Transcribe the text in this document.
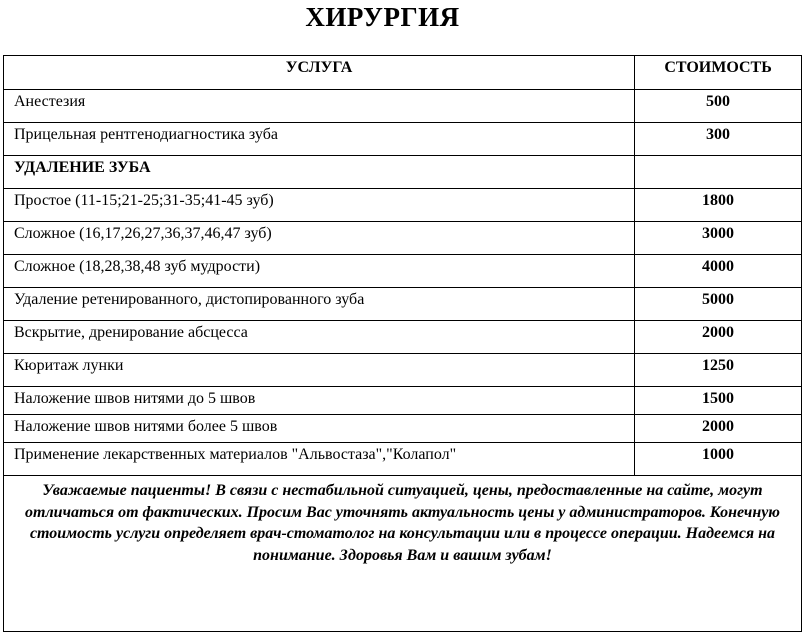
ХИРУРГИЯ
УСЛУГА	СТОИМОСТЬ
Анестезия	500
Прицельная рентгенодиагностика зуба	300
УДАЛЕНИЕ ЗУБА	
Простое (11-15;21-25;31-35;41-45 зуб)	1800
Сложное (16,17,26,27,36,37,46,47 зуб)	3000
Сложное (18,28,38,48 зуб мудрости)	4000
Удаление ретенированного, дистопированного зуба	5000
Вскрытие, дренирование абсцесса	2000
Кюритаж лунки	1250
Наложение швов нитями до 5 швов	1500
Наложение швов нитями более 5 швов	2000
Применение лекарственных материалов "Альвостаза","Колапол"	1000
Уважаемые пациенты! В связи с нестабильной ситуацией, цены, предоставленные на сайте, могут отличаться от фактических. Просим Вас уточнять актуальность цены у администраторов. Конечную стоимость услуги определяет врач-стоматолог на консультации или в процессе операции. Надеемся на понимание. Здоровья Вам и вашим зубам!	
